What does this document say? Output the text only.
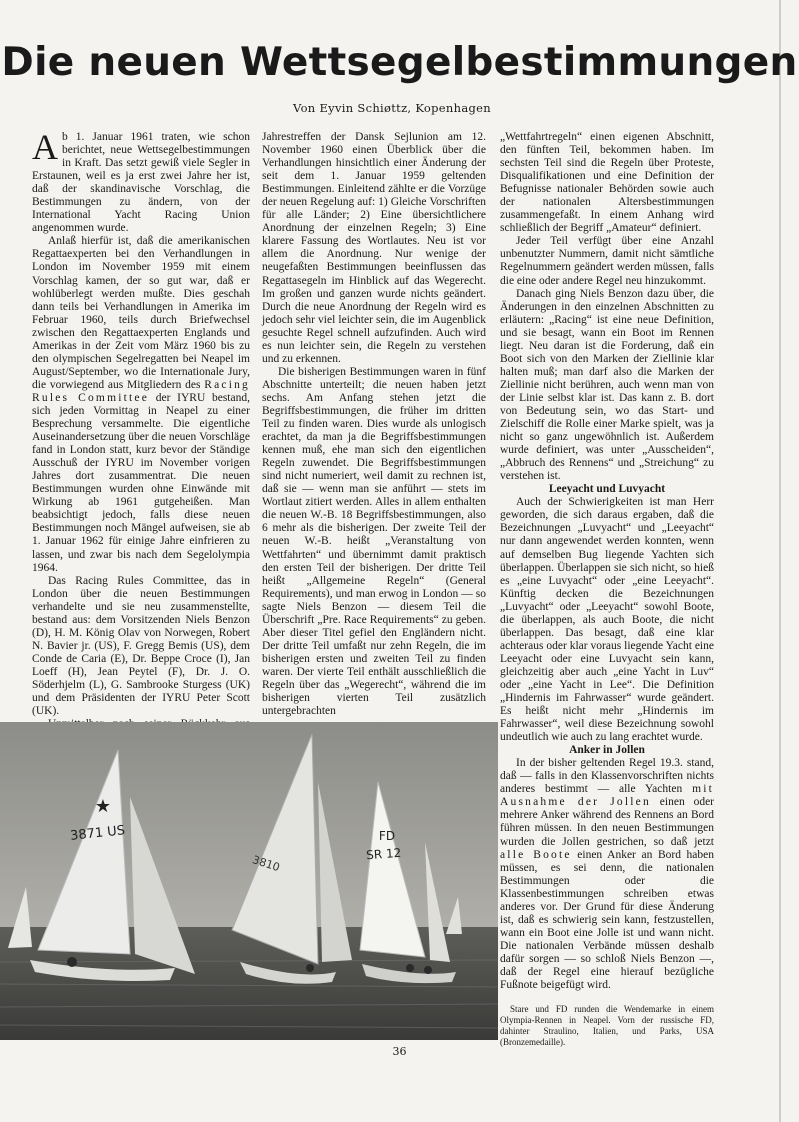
Die neuen Wettsegelbestimmungen
Von Eyvin Schiøttz, Kopenhagen

Ab 1. Januar 1961 traten, wie schon berichtet, neue Wettsegelbestimmungen in Kraft. Das setzt gewiß viele Segler in Erstaunen, weil es ja erst zwei Jahre her ist, daß der skandinavische Vorschlag, die Bestimmungen zu ändern, von der International Yacht Racing Union angenommen wurde.

Anlaß hierfür ist, daß die amerikanischen Regattaexperten bei den Verhandlungen in London im November 1959 mit einem Vorschlag kamen, der so gut war, daß er wohlüberlegt werden mußte. Dies geschah dann teils bei Verhandlungen in Amerika im Februar 1960, teils durch Briefwechsel zwischen den Regattaexperten Englands und Amerikas in der Zeit vom März 1960 bis zu den olympischen Segelregatten bei Neapel im August/September, wo die Internationale Jury, die vorwiegend aus Mitgliedern des Racing Rules Committee der IYRU bestand, sich jeden Vormittag in Neapel zu einer Besprechung versammelte. Die eigentliche Auseinandersetzung über die neuen Vorschläge fand in London statt, kurz bevor der Ständige Ausschuß der IYRU im November vorigen Jahres dort zusammentrat. Die neuen Bestimmungen wurden ohne Einwände mit Wirkung ab 1961 gutgeheißen. Man beabsichtigt jedoch, falls diese neuen Bestimmungen noch Mängel aufweisen, sie ab 1. Januar 1962 für einige Jahre einfrieren zu lassen, und zwar bis nach dem Segelolympia 1964.

Das Racing Rules Committee, das in London über die neuen Bestimmungen verhandelte und sie neu zusammenstellte, bestand aus: dem Vorsitzenden Niels Benzon (D), H. M. König Olav von Norwegen, Robert N. Bavier jr. (US), F. Gregg Bemis (US), dem Conde de Caria (E), Dr. Beppe Croce (I), Jan Loeff (H), Jean Peytel (F), Dr. J. O. Söderhjelm (L), G. Sambrooke Sturgess (UK) und dem Präsidenten der IYRU Peter Scott (UK).

Jahrestreffen der Dansk Sejlunion am 12. November 1960 einen Überblick über die Verhandlungen hinsichtlich einer Änderung der seit dem 1. Januar 1959 geltenden Bestimmungen. Einleitend zählte er die Vorzüge der neuen Regelung auf: 1) Gleiche Vorschriften für alle Länder; 2) Eine übersichtlichere Anordnung der einzelnen Regeln; 3) Eine klarere Fassung des Wortlautes. Neu ist vor allem die Anordnung. Nur wenige der neugefaßten Bestimmungen beeinflussen das Regattasegeln im Hinblick auf das Wegerecht. Im großen und ganzen wurde nichts geändert. Durch die neue Anordnung der Regeln wird es jedoch sehr viel leichter sein, die im Augenblick gesuchte Regel schnell aufzufinden. Auch wird es nun leichter sein, die Regeln zu verstehen und zu erkennen.

Die bisherigen Bestimmungen waren in fünf Abschnitte unterteilt; die neuen haben jetzt sechs. Am Anfang stehen jetzt die Begriffsbestimmungen, die früher im dritten Teil zu finden waren. Dies wurde als unlogisch erachtet, da man ja die Begriffsbestimmungen kennen muß, ehe man sich den eigentlichen Regeln zuwendet. Die Begriffsbestimmungen sind nicht numeriert, weil damit zu rechnen ist, daß sie — wenn man sie anführt — stets im Wortlaut zitiert werden. Alles in allem enthalten die neuen W.-B. 18 Begriffsbestimmungen, also 6 mehr als die bisherigen. Der zweite Teil der neuen W.-B. heißt „Veranstaltung von Wettfahrten“ und übernimmt damit praktisch den ersten Teil der bisherigen. Der dritte Teil heißt „Allgemeine Regeln“ (General Requirements), und man erwog in London — so sagte Niels Benzon — diesem Teil die Überschrift „Pre. Race Requirements“ zu geben. Aber dieser Titel gefiel den Engländern nicht. Der dritte Teil umfaßt nur zehn Regeln, die im bisherigen ersten und zweiten Teil zu finden waren. Der vierte Teil enthält ausschließlich die Regeln über das „Wegerecht“, während die im bisherigen vierten Teil zusätzlich untergebrachten

„Wettfahrtregeln“ einen eigenen Abschnitt, den fünften Teil, bekommen haben. Im sechsten Teil sind die Regeln über Proteste, Disqualifikationen und eine Definition der Befugnisse nationaler Behörden sowie auch der nationalen Altersbestimmungen zusammengefaßt. In einem Anhang wird schließlich der Begriff „Amateur“ definiert.

Jeder Teil verfügt über eine Anzahl unbenutzter Nummern, damit nicht sämtliche Regelnummern geändert werden müssen, falls die eine oder andere Regel neu hinzukommt.

Danach ging Niels Benzon dazu über, die Änderungen in den einzelnen Abschnitten zu erläutern: „Racing“ ist eine neue Definition, und sie besagt, wann ein Boot im Rennen liegt. Neu daran ist die Forderung, daß ein Boot sich von den Marken der Ziellinie klar halten muß; man darf also die Marken der Ziellinie nicht berühren, auch wenn man von der Linie selbst klar ist. Das kann z. B. dort von Bedeutung sein, wo das Start- und Zielschiff die Rolle einer Marke spielt, was ja nicht so ganz ungewöhnlich ist. Außerdem wurde definiert, was unter „Ausscheiden“, „Abbruch des Rennens“ und „Streichung“ zu verstehen ist.

Leeyacht und Luvyacht

Auch der Schwierigkeiten ist man Herr geworden, die sich daraus ergaben, daß die Bezeichnungen „Luvyacht“ und „Leeyacht“ nur dann angewendet werden konnten, wenn auf demselben Bug liegende Yachten sich überlappen. Überlappen sie sich nicht, so hieß es „eine Luvyacht“ oder „eine Leeyacht“. Künftig decken die Bezeichnungen „Luvyacht“ oder „Leeyacht“ sowohl Boote, die überlappen, als auch Boote, die nicht überlappen. Das besagt, daß eine klar achteraus oder klar voraus liegende Yacht eine Leeyacht oder eine Luvyacht sein kann, gleichzeitig aber auch „eine Yacht in Luv“ oder „eine Yacht in Lee“. Die Definition „Hindernis im Fahrwasser“ wurde geändert. Es heißt nicht mehr „Hindernis im Fahrwasser“, weil diese Bezeichnung sowohl undeutlich wie auch zu lang erachtet wurde.

Anker in Jollen

In der bisher geltenden Regel 19.3. stand, daß — falls in den Klassenvorschriften nichts anderes bestimmt — alle Yachten mit Ausnahme der Jollen einen oder mehrere Anker während des Rennens an Bord führen müssen. In den neuen Bestimmungen wurden die Jollen gestrichen, so daß jetzt alle Boote einen Anker an Bord haben müssen, es sei denn, die nationalen Bestimmungen oder die Klassenbestimmungen schreiben etwas anderes vor. Der Grund für diese Änderung ist, daß es schwierig sein kann, festzustellen, wann ein Boot eine Jolle ist und wann nicht. Die nationalen Verbände müssen deshalb dafür sorgen — so schloß Niels Benzon —, daß der Regel eine hierauf bezügliche Fußnote beigefügt wird.

★
3871 US
3810
FD
SR 12

Stare und FD runden die Wendemarke in einem Olympia-Rennen in Neapel. Vorn der russische FD, dahinter Straulino, Italien, und Parks, USA (Bronzemedaille).

36
